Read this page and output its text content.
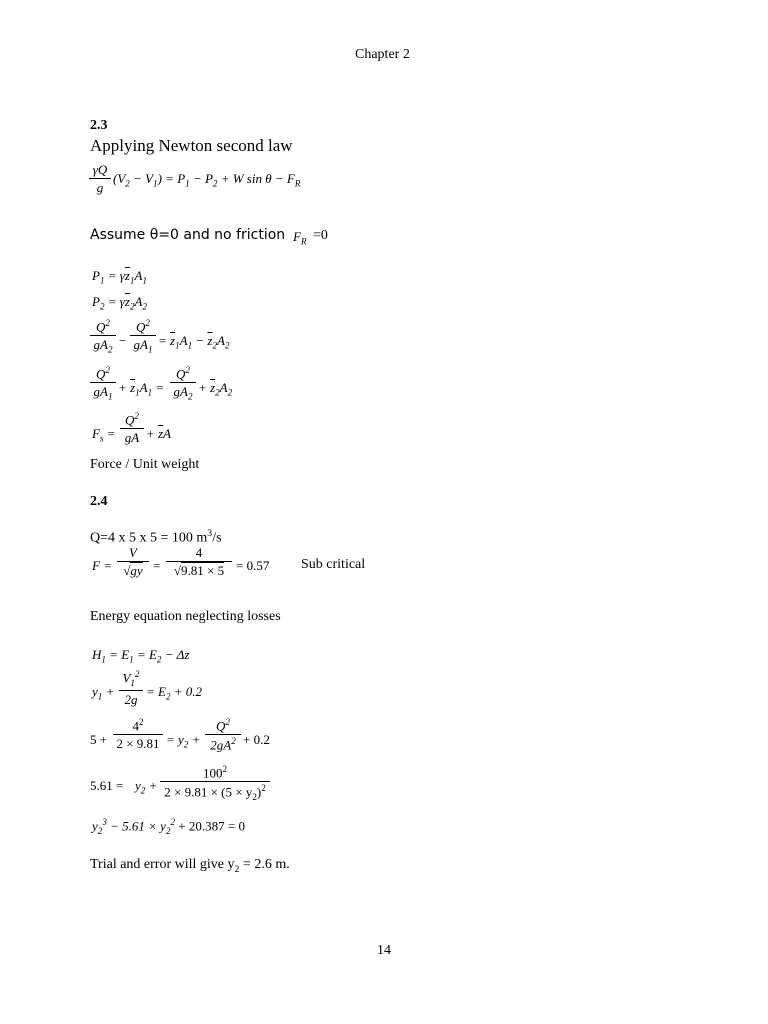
Chapter 2
2.3
Applying Newton second law
γQ
g
$(V_2 - V_1) = P_1 - P_2 + W$ $\sin \theta - F_R$
Assume θ=0 and no friction $F_R =0$
$P_1 = \gamma\overline{z}_1A_1$
$P_2 = \gamma\overline{z}_2A_2$
$Q^2$
$gA_2$
−
$Q^2$
$gA_1$
= $\overline{z}_1A_1 - \overline{z}_2A_2$
$Q^2$
$gA_1$
+ $\overline{z}_1A_1$ =
$Q^2$
$gA_2$
+ $\overline{z}_2A_2$
$F_s$ =
$Q^2$
gA + $\overline{z}A$
Force / Unit weight
2.4
Q=4 x 5 x 5 = 100 $m^3/s$
F =
V
√gy =
4
√9.81 × 5 = 0.57 Sub critical
Energy equation neglecting losses
$H_1 = E_1 = E_2 - \Delta z$
$y_1$ +
$V_1^2$
2g
= $E_2 + 0.2$
5 +
$4^2$
$2 \times 9.81 = y_2$ +
$Q^2$
$2gA^2 + 0.2$
$5.61 = y_2$ +
$100^2$
$2 \times 9.81 \times (5 \times y_2)^2$
$y_2^3 - 5.61 \times y_2^2 + 20.387 = 0$
Trial and error will give $y_2 = 2.6$ m.
14
